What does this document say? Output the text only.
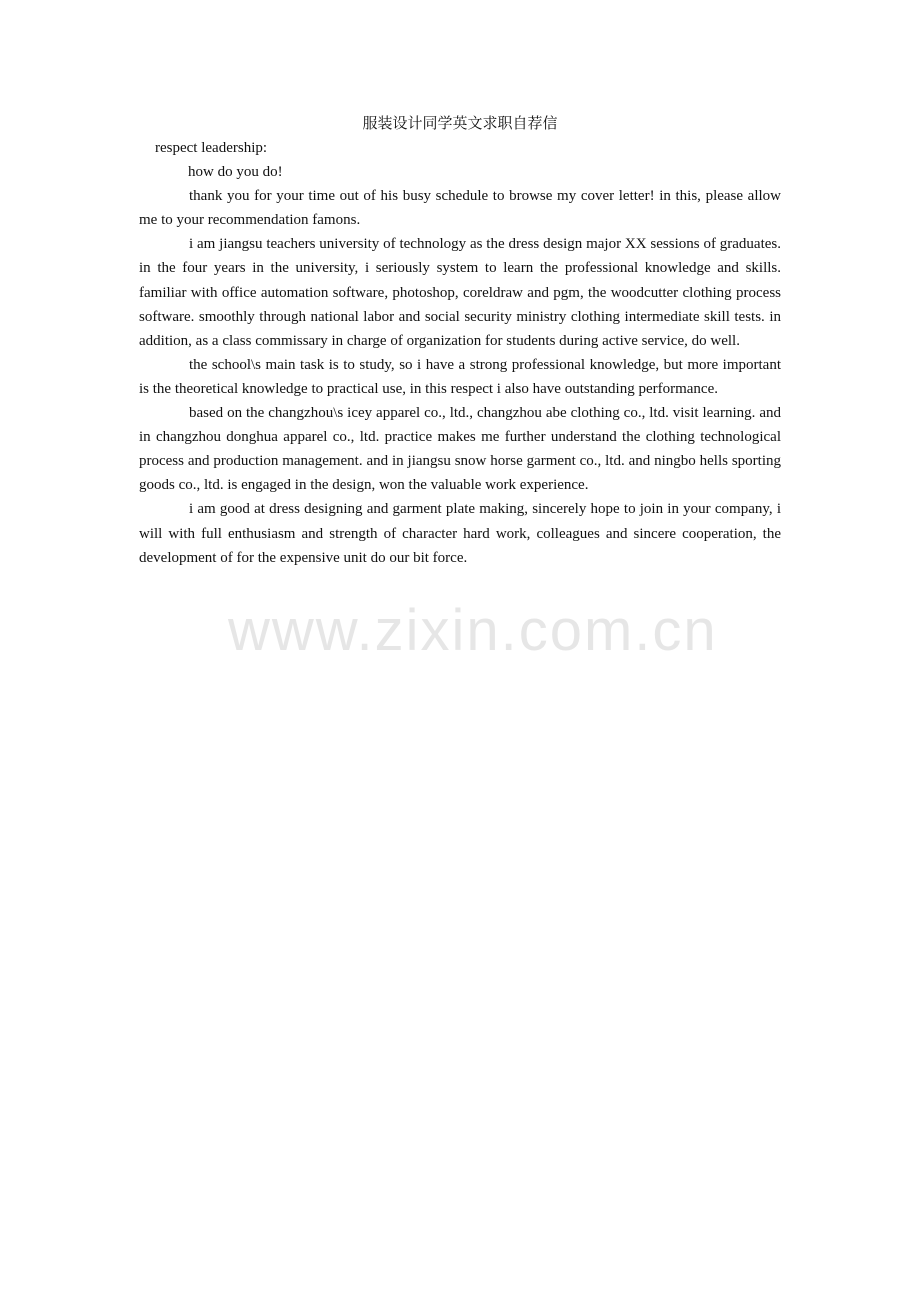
服装设计同学英文求职自荐信

respect leadership:

how do you do!

thank you for your time out of his busy schedule to browse my cover letter! in this, please allow me to your recommendation famons.

i am jiangsu teachers university of technology as the dress design major XX sessions of graduates. in the four years in the university, i seriously system to learn the professional knowledge and skills. familiar with office automation software, photoshop, coreldraw and pgm, the woodcutter clothing process software. smoothly through national labor and social security ministry clothing intermediate skill tests. in addition, as a class commissary in charge of organization for students during active service, do well.

the school\s main task is to study, so i have a strong professional knowledge, but more important is the theoretical knowledge to practical use, in this respect i also have outstanding performance.

based on the changzhou\s icey apparel co., ltd., changzhou abe clothing co., ltd. visit learning. and in changzhou donghua apparel co., ltd. practice makes me further understand the clothing technological process and production management. and in jiangsu snow horse garment co., ltd. and ningbo hells sporting goods co., ltd. is engaged in the design, won the valuable work experience.

i am good at dress designing and garment plate making, sincerely hope to join in your company, i will with full enthusiasm and strength of character hard work, colleagues and sincere cooperation, the development of for the expensive unit do our bit force.

www.zixin.com.cn
